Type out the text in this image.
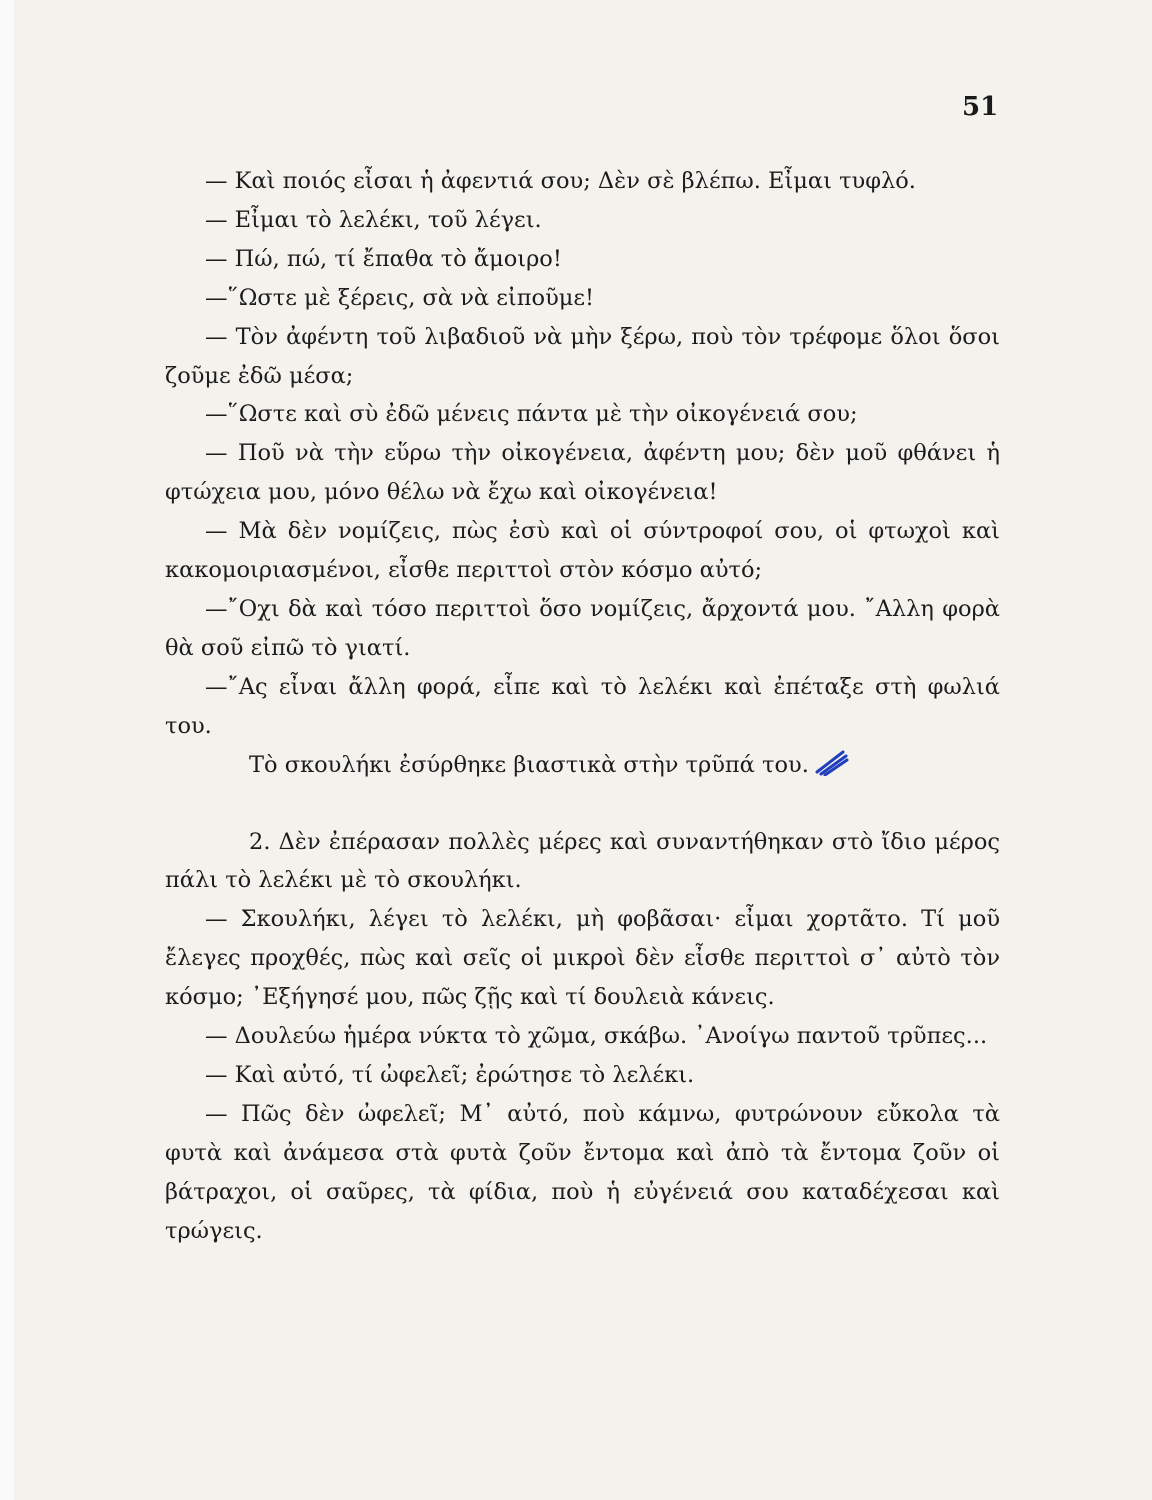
51

— Καὶ ποιός εἶσαι ἡ ἀφεντιά σου; Δὲν σὲ βλέπω. Εἶμαι τυφλό.

— Εἶμαι τὸ λελέκι, τοῦ λέγει.

— Πώ, πώ, τί ἔπαθα τὸ ἄμοιρο!

—῞Ωστε μὲ ξέρεις, σὰ νὰ εἰποῦμε!

— Τὸν ἀφέντη τοῦ λιβαδιοῦ νὰ μὴν ξέρω, ποὺ τὸν τρέφομε ὅλοι ὅσοι ζοῦμε ἐδῶ μέσα;

—῞Ωστε καὶ σὺ ἐδῶ μένεις πάντα μὲ τὴν οἰκογένειά σου;

— Ποῦ νὰ τὴν εὕρω τὴν οἰκογένεια, ἀφέντη μου; δὲν μοῦ φθάνει ἡ φτώχεια μου, μόνο θέλω νὰ ἔχω καὶ οἰκογένεια!

— Μὰ δὲν νομίζεις, πὼς ἐσὺ καὶ οἱ σύντροφοί σου, οἱ φτωχοὶ καὶ κακομοιριασμένοι, εἶσθε περιττοὶ στὸν κόσμο αὐτό;

—῎Οχι δὰ καὶ τόσο περιττοὶ ὅσο νομίζεις, ἄρχοντά μου. ῎Αλλη φορὰ θὰ σοῦ εἰπῶ τὸ γιατί.

—῎Ας εἶναι ἄλλη φορά, εἶπε καὶ τὸ λελέκι καὶ ἐπέταξε στὴ φωλιά του.

Τὸ σκουλήκι ἐσύρθηκε βιαστικὰ στὴν τρῦπά του.

2. Δὲν ἐπέρασαν πολλὲς μέρες καὶ συναντήθηκαν στὸ ἴδιο μέρος πάλι τὸ λελέκι μὲ τὸ σκουλήκι.

— Σκουλήκι, λέγει τὸ λελέκι, μὴ φοβᾶσαι· εἶμαι χορτᾶτο. Τί μοῦ ἔλεγες προχθές, πὼς καὶ σεῖς οἱ μικροὶ δὲν εἶσθε περιττοὶ σ᾿ αὐτὸ τὸν κόσμο; ᾿Εξήγησέ μου, πῶς ζῇς καὶ τί δουλειὰ κάνεις.

— Δουλεύω ἡμέρα νύκτα τὸ χῶμα, σκάβω. ᾿Ανοίγω παντοῦ τρῦπες...

— Καὶ αὐτό, τί ὠφελεῖ; ἐρώτησε τὸ λελέκι.

— Πῶς δὲν ὠφελεῖ; Μ᾿ αὐτό, ποὺ κάμνω, φυτρώνουν εὔκολα τὰ φυτὰ καὶ ἀνάμεσα στὰ φυτὰ ζοῦν ἔντομα καὶ ἀπὸ τὰ ἔντομα ζοῦν οἱ βάτραχοι, οἱ σαῦρες, τὰ φίδια, ποὺ ἡ εὐγένειά σου καταδέχεσαι καὶ τρώγεις.
